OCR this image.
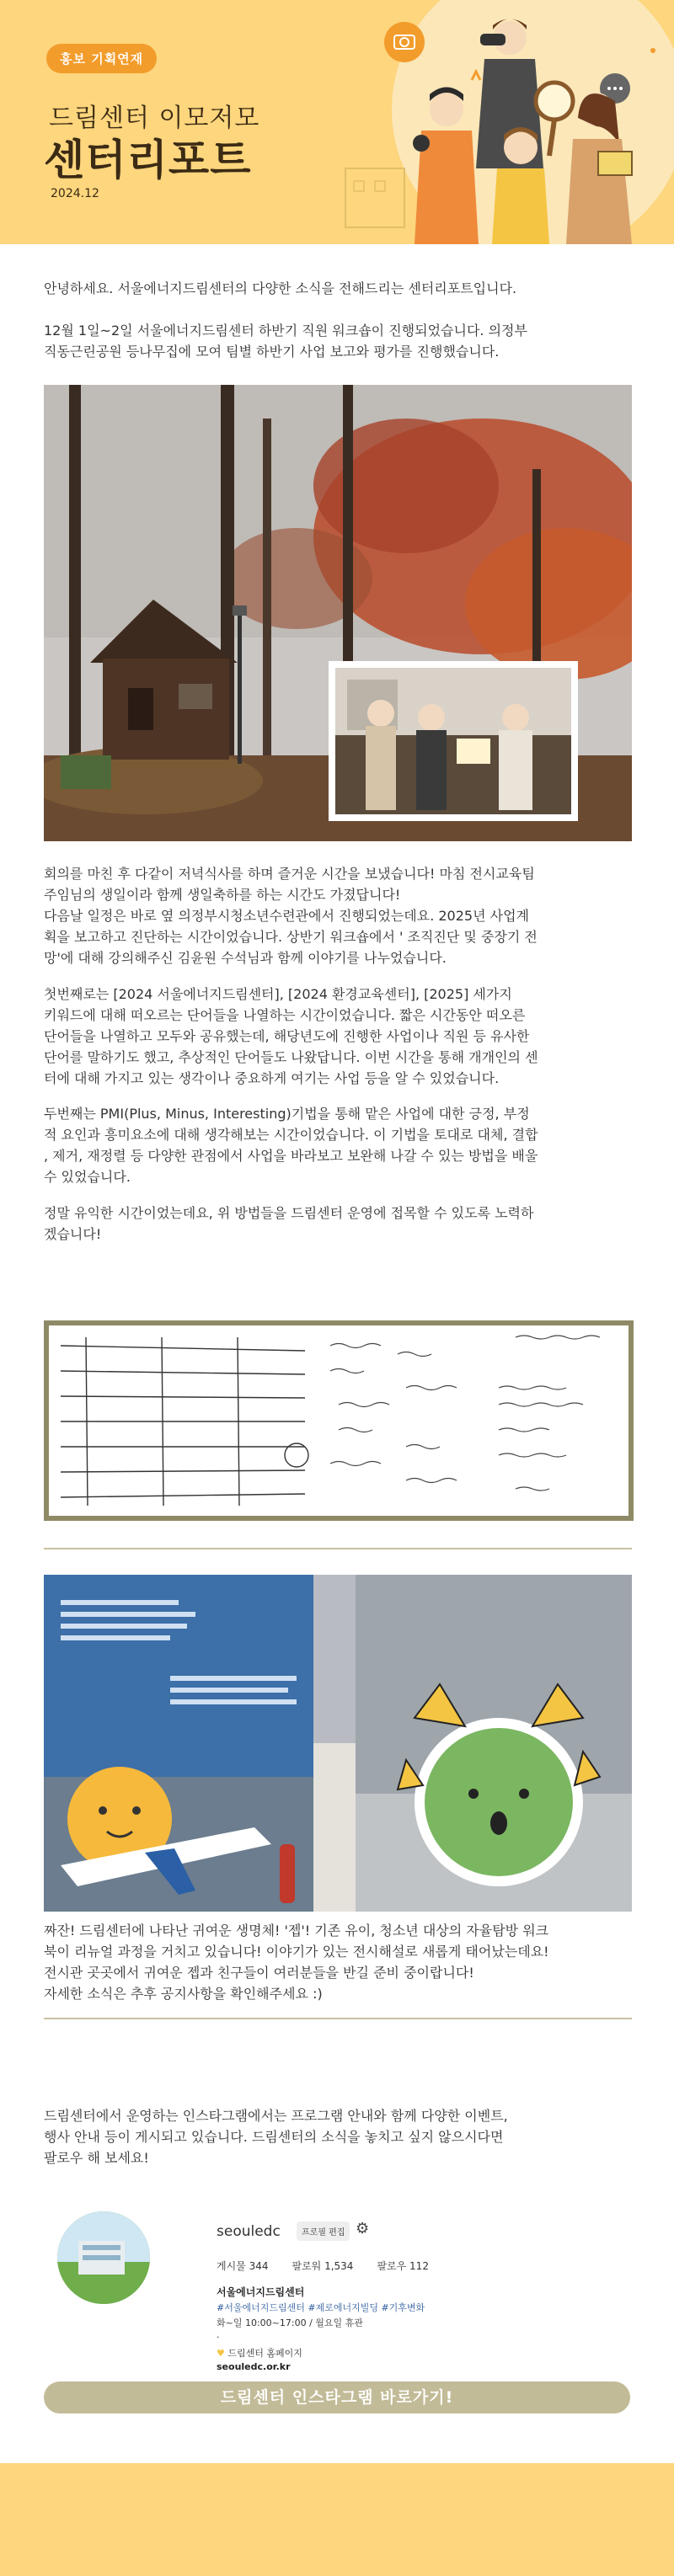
홍보 기획연재
드림센터 이모저모
센터리포트
2024.12
안녕하세요. 서울에너지드림센터의 다양한 소식을 전해드리는 센터리포트입니다.
12월 1일~2일 서울에너지드림센터 하반기 직원 워크숍이 진행되었습니다. 의정부
직동근린공원 등나무집에 모여 팀별 하반기 사업 보고와 평가를 진행했습니다.
회의를 마친 후 다같이 저녁식사를 하며 즐거운 시간을 보냈습니다! 마침 전시교육팀
주임님의 생일이라 함께 생일축하를 하는 시간도 가졌답니다!
다음날 일정은 바로 옆 의정부시청소년수련관에서 진행되었는데요. 2025년 사업계
획을 보고하고 진단하는 시간이었습니다. 상반기 워크숍에서 ' 조직진단 및 중장기 전
망'에 대해 강의해주신 김윤원 수석님과 함께 이야기를 나누었습니다.
첫번째로는 [2024 서울에너지드림센터], [2024 환경교육센터], [2025] 세가지
키워드에 대해 떠오르는 단어들을 나열하는 시간이었습니다. 짧은 시간동안 떠오른
단어들을 나열하고 모두와 공유했는데, 해당년도에 진행한 사업이나 직원 등 유사한
단어를 말하기도 했고, 추상적인 단어들도 나왔답니다. 이번 시간을 통해 개개인의 센
터에 대해 가지고 있는 생각이나 중요하게 여기는 사업 등을 알 수 있었습니다.
두번째는 PMI(Plus, Minus, Interesting)기법을 통해 맡은 사업에 대한 긍정, 부정
적 요인과 흥미요소에 대해 생각해보는 시간이었습니다. 이 기법을 토대로 대체, 결합
, 제거, 재정렬 등 다양한 관점에서 사업을 바라보고 보완해 나갈 수 있는 방법을 배울
수 있었습니다.
정말 유익한 시간이었는데요, 위 방법들을 드림센터 운영에 접목할 수 있도록 노력하
겠습니다!
짜잔! 드림센터에 나타난 귀여운 생명체! '젭'! 기존 유이, 청소년 대상의 자율탐방 워크
북이 리뉴얼 과정을 거치고 있습니다! 이야기가 있는 전시해설로 새롭게 태어났는데요!
전시관 곳곳에서 귀여운 젭과 친구들이 여러분들을 반길 준비 중이랍니다!
자세한 소식은 추후 공지사항을 확인해주세요 :)
드림센터에서 운영하는 인스타그램에서는 프로그램 안내와 함께 다양한 이벤트,
행사 안내 등이 게시되고 있습니다. 드림센터의 소식을 놓치고 싶지 않으시다면
팔로우 해 보세요!
seouledc	프로필 편집 ⚙
게시물 344 팔로워 1,534 팔로우 112
서울에너지드림센터
#서울에너지드림센터 #제로에너지빌딩 #기후변화
화~일 10:00~17:00 / 월요일 휴관
.
♥ 드림센터 홈페이지
seouledc.or.kr
드림센터 인스타그램 바로가기!
